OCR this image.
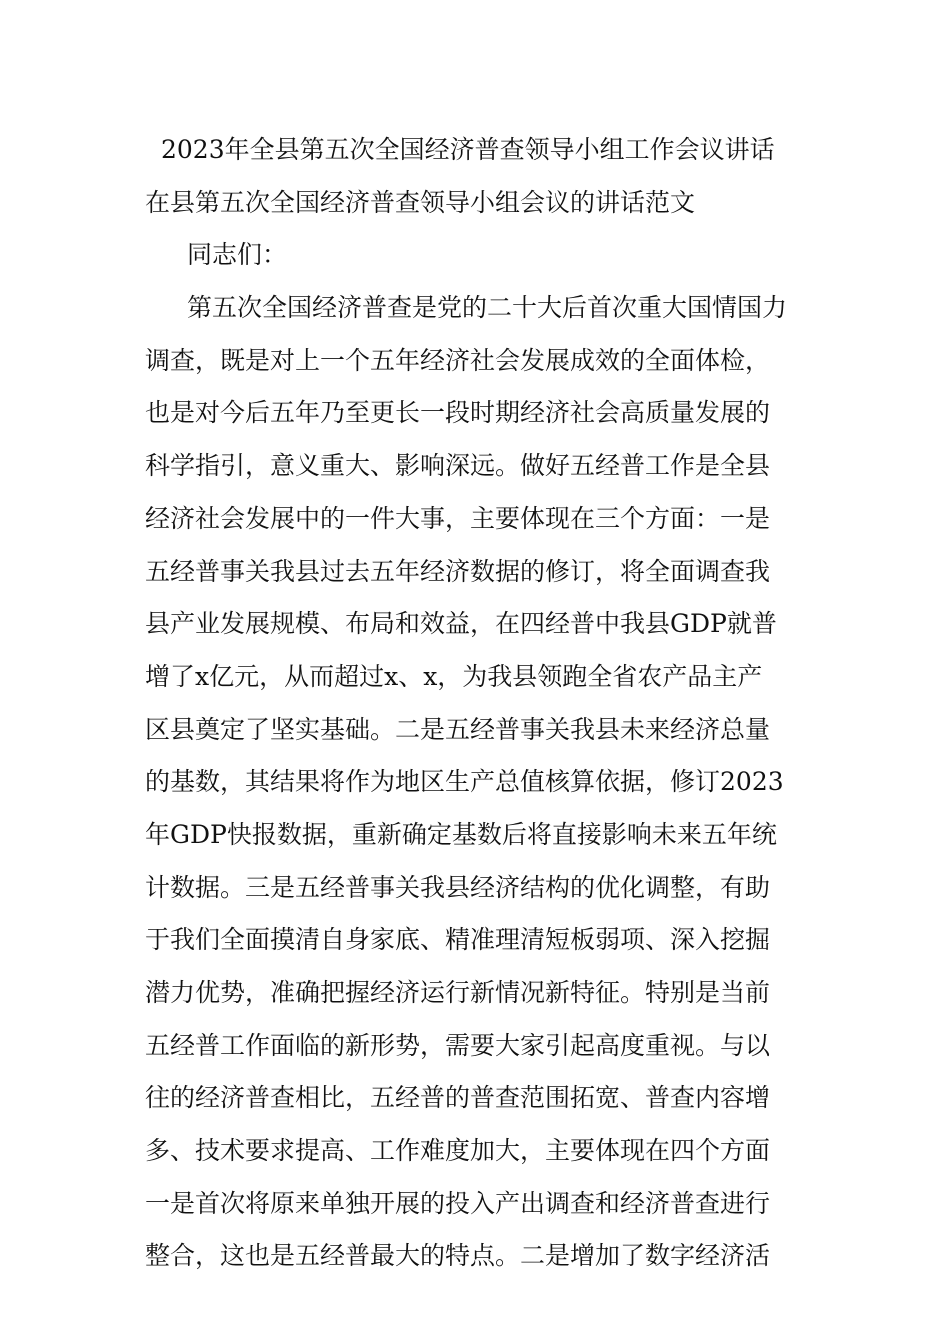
2023年全县第五次全国经济普查领导小组工作会议讲话
在县第五次全国经济普查领导小组会议的讲话范文
同志们：
第五次全国经济普查是党的二十大后首次重大国情国力
调查，既是对上一个五年经济社会发展成效的全面体检，
也是对今后五年乃至更长一段时期经济社会高质量发展的
科学指引，意义重大、影响深远。做好五经普工作是全县
经济社会发展中的一件大事，主要体现在三个方面：一是
五经普事关我县过去五年经济数据的修订，将全面调查我
县产业发展规模、布局和效益，在四经普中我县GDP就普
增了x亿元，从而超过x、x，为我县领跑全省农产品主产
区县奠定了坚实基础。二是五经普事关我县未来经济总量
的基数，其结果将作为地区生产总值核算依据，修订2023
年GDP快报数据，重新确定基数后将直接影响未来五年统
计数据。三是五经普事关我县经济结构的优化调整，有助
于我们全面摸清自身家底、精准理清短板弱项、深入挖掘
潜力优势，准确把握经济运行新情况新特征。特别是当前
五经普工作面临的新形势，需要大家引起高度重视。与以
往的经济普查相比，五经普的普查范围拓宽、普查内容增
多、技术要求提高、工作难度加大，主要体现在四个方面
一是首次将原来单独开展的投入产出调查和经济普查进行
整合，这也是五经普最大的特点。二是增加了数字经济活
